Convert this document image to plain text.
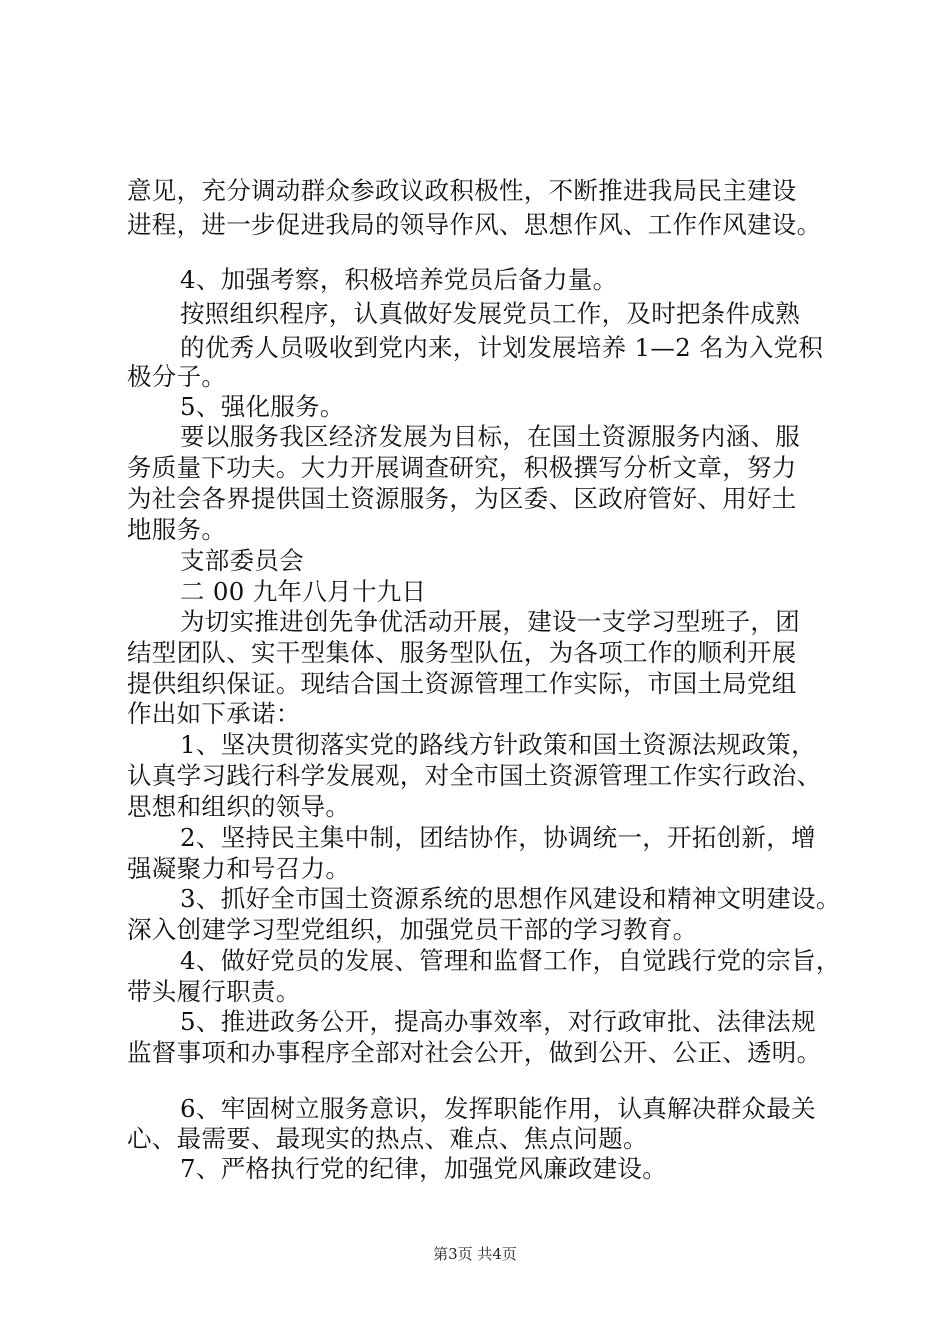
意见，充分调动群众参政议政积极性，不断推进我局民主建设
进程，进一步促进我局的领导作风、思想作风、工作作风建设。
4、加强考察，积极培养党员后备力量。
按照组织程序，认真做好发展党员工作，及时把条件成熟
的优秀人员吸收到党内来，计划发展培养 1—2 名为入党积
极分子。
5、强化服务。
要以服务我区经济发展为目标，在国土资源服务内涵、服
务质量下功夫。大力开展调查研究，积极撰写分析文章，努力
为社会各界提供国土资源服务，为区委、区政府管好、用好土
地服务。
支部委员会
二 00 九年八月十九日
为切实推进创先争优活动开展，建设一支学习型班子，团
结型团队、实干型集体、服务型队伍，为各项工作的顺利开展
提供组织保证。现结合国土资源管理工作实际，市国土局党组
作出如下承诺：
1、坚决贯彻落实党的路线方针政策和国土资源法规政策，
认真学习践行科学发展观，对全市国土资源管理工作实行政治、
思想和组织的领导。
2、坚持民主集中制，团结协作，协调统一，开拓创新，增
强凝聚力和号召力。
3、抓好全市国土资源系统的思想作风建设和精神文明建设。
深入创建学习型党组织，加强党员干部的学习教育。
4、做好党员的发展、管理和监督工作，自觉践行党的宗旨，
带头履行职责。
5、推进政务公开，提高办事效率，对行政审批、法律法规
监督事项和办事程序全部对社会公开，做到公开、公正、透明。
6、牢固树立服务意识，发挥职能作用，认真解决群众最关
心、最需要、最现实的热点、难点、焦点问题。
7、严格执行党的纪律，加强党风廉政建设。
第3页 共4页
